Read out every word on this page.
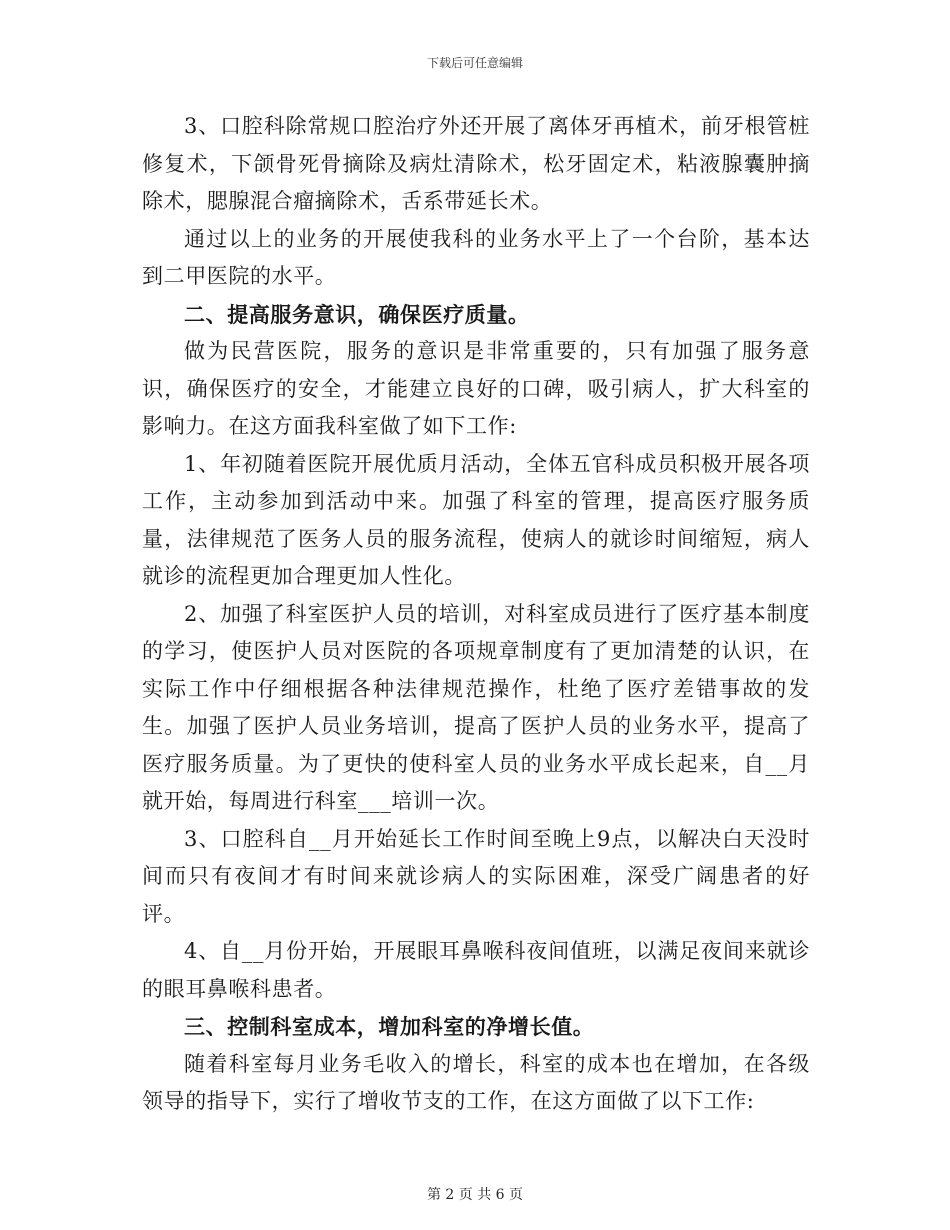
下载后可任意编辑

3、口腔科除常规口腔治疗外还开展了离体牙再植术，前牙根管桩修复术，下颌骨死骨摘除及病灶清除术，松牙固定术，粘液腺囊肿摘除术，腮腺混合瘤摘除术，舌系带延长术。

通过以上的业务的开展使我科的业务水平上了一个台阶，基本达到二甲医院的水平。

二、提高服务意识，确保医疗质量。

做为民营医院，服务的意识是非常重要的，只有加强了服务意识，确保医疗的安全，才能建立良好的口碑，吸引病人，扩大科室的影响力。在这方面我科室做了如下工作:

1、年初随着医院开展优质月活动，全体五官科成员积极开展各项工作，主动参加到活动中来。加强了科室的管理，提高医疗服务质量，法律规范了医务人员的服务流程，使病人的就诊时间缩短，病人就诊的流程更加合理更加人性化。

2、加强了科室医护人员的培训，对科室成员进行了医疗基本制度的学习，使医护人员对医院的各项规章制度有了更加清楚的认识，在实际工作中仔细根据各种法律规范操作，杜绝了医疗差错事故的发生。加强了医护人员业务培训，提高了医护人员的业务水平，提高了医疗服务质量。为了更快的使科室人员的业务水平成长起来，自__月就开始，每周进行科室___培训一次。

3、口腔科自__月开始延长工作时间至晚上9点，以解决白天没时间而只有夜间才有时间来就诊病人的实际困难，深受广阔患者的好评。

4、自__月份开始，开展眼耳鼻喉科夜间值班，以满足夜间来就诊的眼耳鼻喉科患者。

三、控制科室成本，增加科室的净增长值。

随着科室每月业务毛收入的增长，科室的成本也在增加，在各级领导的指导下，实行了增收节支的工作，在这方面做了以下工作:

第 2 页 共 6 页
